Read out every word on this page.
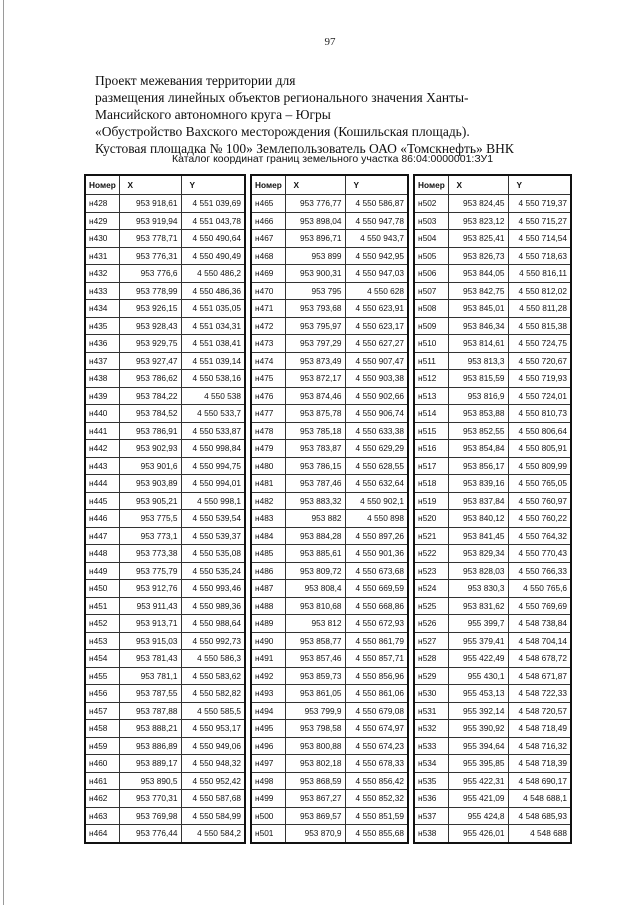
97
Проект межевания территории для
размещения линейных объектов регионального значения Ханты-
Мансийского автономного круга – Югры
«Обустройство Вахского месторождения (Кошильская площадь).
Кустовая площадка № 100» Землепользователь ОАО «Томскнефть» ВНК
Каталог координат границ земельного участка 86:04:0000001:ЗУ1
Номер	X	Y
н428	953 918,61	4 551 039,69
н429	953 919,94	4 551 043,78
н430	953 778,71	4 550 490,64
н431	953 776,31	4 550 490,49
н432	953 776,6	4 550 486,2
н433	953 778,99	4 550 486,36
н434	953 926,15	4 551 035,05
н435	953 928,43	4 551 034,31
н436	953 929,75	4 551 038,41
н437	953 927,47	4 551 039,14
н438	953 786,62	4 550 538,16
н439	953 784,22	4 550 538
н440	953 784,52	4 550 533,7
н441	953 786,91	4 550 533,87
н442	953 902,93	4 550 998,84
н443	953 901,6	4 550 994,75
н444	953 903,89	4 550 994,01
н445	953 905,21	4 550 998,1
н446	953 775,5	4 550 539,54
н447	953 773,1	4 550 539,37
н448	953 773,38	4 550 535,08
н449	953 775,79	4 550 535,24
н450	953 912,76	4 550 993,46
н451	953 911,43	4 550 989,36
н452	953 913,71	4 550 988,64
н453	953 915,03	4 550 992,73
н454	953 781,43	4 550 586,3
н455	953 781,1	4 550 583,62
н456	953 787,55	4 550 582,82
н457	953 787,88	4 550 585,5
н458	953 888,21	4 550 953,17
н459	953 886,89	4 550 949,06
н460	953 889,17	4 550 948,32
н461	953 890,5	4 550 952,42
н462	953 770,31	4 550 587,68
н463	953 769,98	4 550 584,99
н464	953 776,44	4 550 584,2
Номер	X	Y
н465	953 776,77	4 550 586,87
н466	953 898,04	4 550 947,78
н467	953 896,71	4 550 943,7
н468	953 899	4 550 942,95
н469	953 900,31	4 550 947,03
н470	953 795	4 550 628
н471	953 793,68	4 550 623,91
н472	953 795,97	4 550 623,17
н473	953 797,29	4 550 627,27
н474	953 873,49	4 550 907,47
н475	953 872,17	4 550 903,38
н476	953 874,46	4 550 902,66
н477	953 875,78	4 550 906,74
н478	953 785,18	4 550 633,38
н479	953 783,87	4 550 629,29
н480	953 786,15	4 550 628,55
н481	953 787,46	4 550 632,64
н482	953 883,32	4 550 902,1
н483	953 882	4 550 898
н484	953 884,28	4 550 897,26
н485	953 885,61	4 550 901,36
н486	953 809,72	4 550 673,68
н487	953 808,4	4 550 669,59
н488	953 810,68	4 550 668,86
н489	953 812	4 550 672,93
н490	953 858,77	4 550 861,79
н491	953 857,46	4 550 857,71
н492	953 859,73	4 550 856,96
н493	953 861,05	4 550 861,06
н494	953 799,9	4 550 679,08
н495	953 798,58	4 550 674,97
н496	953 800,88	4 550 674,23
н497	953 802,18	4 550 678,33
н498	953 868,59	4 550 856,42
н499	953 867,27	4 550 852,32
н500	953 869,57	4 550 851,59
н501	953 870,9	4 550 855,68
Номер	X	Y
н502	953 824,45	4 550 719,37
н503	953 823,12	4 550 715,27
н504	953 825,41	4 550 714,54
н505	953 826,73	4 550 718,63
н506	953 844,05	4 550 816,11
н507	953 842,75	4 550 812,02
н508	953 845,01	4 550 811,28
н509	953 846,34	4 550 815,38
н510	953 814,61	4 550 724,75
н511	953 813,3	4 550 720,67
н512	953 815,59	4 550 719,93
н513	953 816,9	4 550 724,01
н514	953 853,88	4 550 810,73
н515	953 852,55	4 550 806,64
н516	953 854,84	4 550 805,91
н517	953 856,17	4 550 809,99
н518	953 839,16	4 550 765,05
н519	953 837,84	4 550 760,97
н520	953 840,12	4 550 760,22
н521	953 841,45	4 550 764,32
н522	953 829,34	4 550 770,43
н523	953 828,03	4 550 766,33
н524	953 830,3	4 550 765,6
н525	953 831,62	4 550 769,69
н526	955 399,7	4 548 738,84
н527	955 379,41	4 548 704,14
н528	955 422,49	4 548 678,72
н529	955 430,1	4 548 671,87
н530	955 453,13	4 548 722,33
н531	955 392,14	4 548 720,57
н532	955 390,92	4 548 718,49
н533	955 394,64	4 548 716,32
н534	955 395,85	4 548 718,39
н535	955 422,31	4 548 690,17
н536	955 421,09	4 548 688,1
н537	955 424,8	4 548 685,93
н538	955 426,01	4 548 688
